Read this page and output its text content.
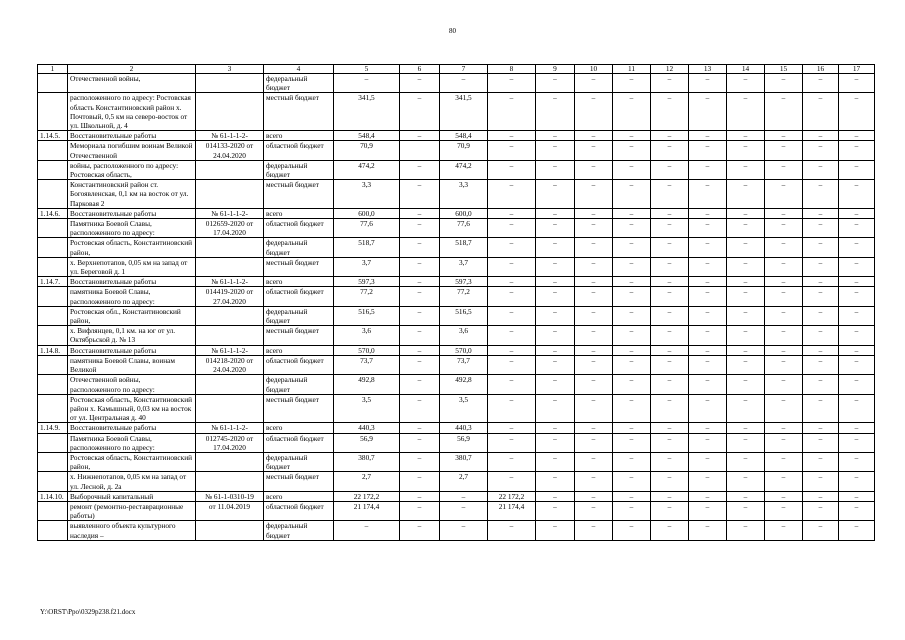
80
1	2	3	4	5	6	7	8	9	10	11	12	13	14	15	16	17
	Отечественной войны,		федеральный бюджет	–	–	–	–	–	–	–	–	–	–	–	–	–
	расположенного по адресу: Ростовская область Константиновский район х. Почтовый, 0,5 км на северо-восток от ул. Школьной, д. 4		местный бюджет	341,5	–	341,5	–	–	–	–	–	–	–	–	–	–
1.14.5.	Восстановительные работы	№ 61-1-1-2-	всего	548,4	–	548,4	–	–	–	–	–	–	–	–	–	–
	Мемориала погибшим воинам Великой Отечественной	014133-2020 от 24.04.2020	областной бюджет	70,9		70,9	–	–	–	–	–	–	–	–	–	–
	войны, расположенного по адресу: Ростовская область,		федеральный бюджет	474,2	–	474,2	–	–	–	–	–	–	–	–	–	–
	Константиновский район ст. Богоявленская, 0,1 км на восток от ул. Парковая 2		местный бюджет	3,3	–	3,3	–	–	–	–	–	–	–	–	–	–
1.14.6.	Восстановительные работы	№ 61-1-1-2-	всего	600,0	–	600,0	–	–	–	–	–	–	–	–	–	–
	Памятника Боевой Славы, расположенного по адресу:	012659-2020 от 17.04.2020	областной бюджет	77,6	–	77,6	–	–	–	–	–	–	–	–	–	–
	Ростовская область, Константиновский район,		федеральный бюджет	518,7	–	518,7	–	–	–	–	–	–	–	–	–	–
	х. Верхнепотапов, 0,05 км на запад от ул. Береговой д. 1		местный бюджет	3,7	–	3,7	–	–	–	–	–	–	–	–	–	–
1.14.7.	Восстановительные работы	№ 61-1-1-2-	всего	597,3	–	597,3	–	–	–	–	–	–	–	–	–	–
	памятника Боевой Славы, расположенного по адресу:	014419-2020 от 27.04.2020	областной бюджет	77,2	–	77,2	–	–	–	–	–	–	–	–	–	–
	Ростовская обл., Константиновский район,		федеральный бюджет	516,5	–	516,5	–	–	–	–	–	–	–	–	–	–
	х. Вифлянцев, 0,1 км. на юг от ул. Октябрьской д. № 13		местный бюджет	3,6	–	3,6	–	–	–	–	–	–	–	–	–	–
1.14.8.	Восстановительные работы	№ 61-1-1-2-	всего	570,0	–	570,0	–	–	–	–	–	–	–	–	–	–
	памятника Боевой Славы, воинам Великой	014218-2020 от 24.04.2020	областной бюджет	73,7	–	73,7	–	–	–	–	–	–	–	–	–	–
	Отечественной войны, расположенного по адресу:		федеральный бюджет	492,8	–	492,8	–	–	–	–	–	–	–	–	–	–
	Ростовская область, Константиновский район х. Камышный, 0,03 км на восток от ул. Центральная д. 40		местный бюджет	3,5	–	3,5	–	–	–	–	–	–	–	–	–	–
1.14.9.	Восстановительные работы	№ 61-1-1-2-	всего	440,3	–	440,3	–	–	–	–	–	–	–	–	–	–
	Памятника Боевой Славы, расположенного по адресу:	012745-2020 от 17.04.2020	областной бюджет	56,9	–	56,9	–	–	–	–	–	–	–	–	–	–
	Ростовская область, Константиновский район,		федеральный бюджет	380,7	–	380,7	–	–	–	–	–	–	–	–	–	–
	х. Нижнепотапов, 0,05 км на запад от ул. Лесной, д. 2а		местный бюджет	2,7	–	2,7	–	–	–	–	–	–	–	–	–	–
1.14.10.	Выборочный капитальный	№ 61-1-0310-19	всего	22 172,2	–	–	22 172,2	–	–	–	–	–	–	–	–	–
	ремонт (ремонтно-реставрационные работы)	от 11.04.2019	областной бюджет	21 174,4	–	–	21 174,4	–	–	–	–	–	–	–	–	–
	выявленного объекта культурного наследия –		федеральный бюджет	–	–	–	–	–	–	–	–	–	–	–	–	–
Y:\ORST\Ppo\0329p238.f21.docx
